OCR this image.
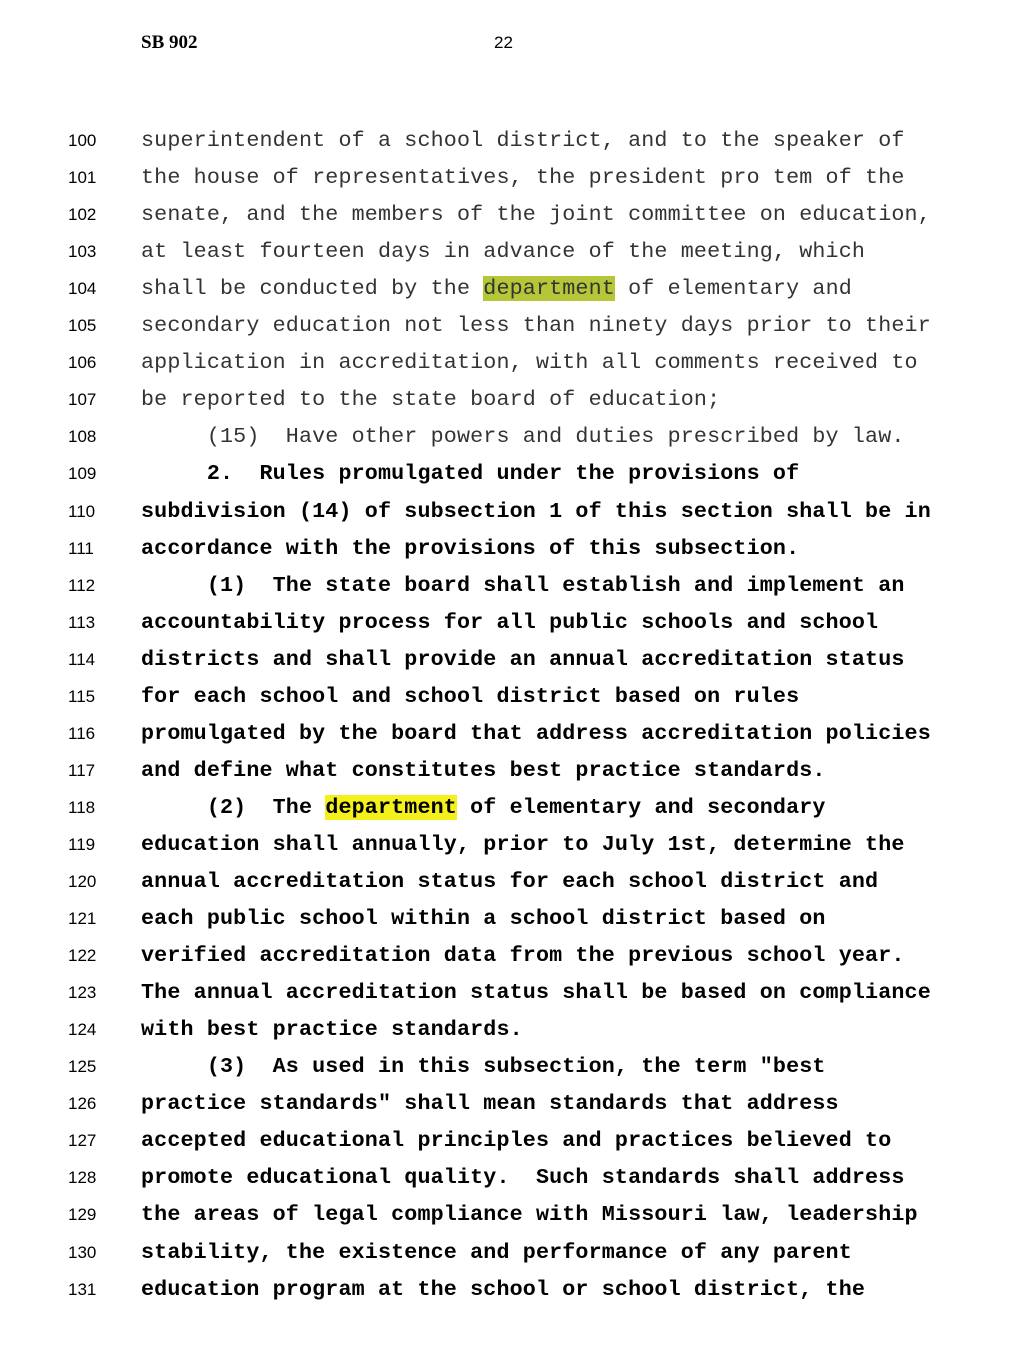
SB 902	22
100	superintendent of a school district, and to the speaker of
101	the house of representatives, the president pro tem of the
102	senate, and the members of the joint committee on education,
103	at least fourteen days in advance of the meeting, which
104	shall be conducted by the department of elementary and
105	secondary education not less than ninety days prior to their
106	application in accreditation, with all comments received to
107	be reported to the state board of education;
108	(15)  Have other powers and duties prescribed by law.
109	2.  Rules promulgated under the provisions of
110	subdivision (14) of subsection 1 of this section shall be in
111	accordance with the provisions of this subsection.
112	(1)  The state board shall establish and implement an
113	accountability process for all public schools and school
114	districts and shall provide an annual accreditation status
115	for each school and school district based on rules
116	promulgated by the board that address accreditation policies
117	and define what constitutes best practice standards.
118	(2)  The department of elementary and secondary
119	education shall annually, prior to July 1st, determine the
120	annual accreditation status for each school district and
121	each public school within a school district based on
122	verified accreditation data from the previous school year.
123	The annual accreditation status shall be based on compliance
124	with best practice standards.
125	(3)  As used in this subsection, the term "best
126	practice standards" shall mean standards that address
127	accepted educational principles and practices believed to
128	promote educational quality.  Such standards shall address
129	the areas of legal compliance with Missouri law, leadership
130	stability, the existence and performance of any parent
131	education program at the school or school district, the
